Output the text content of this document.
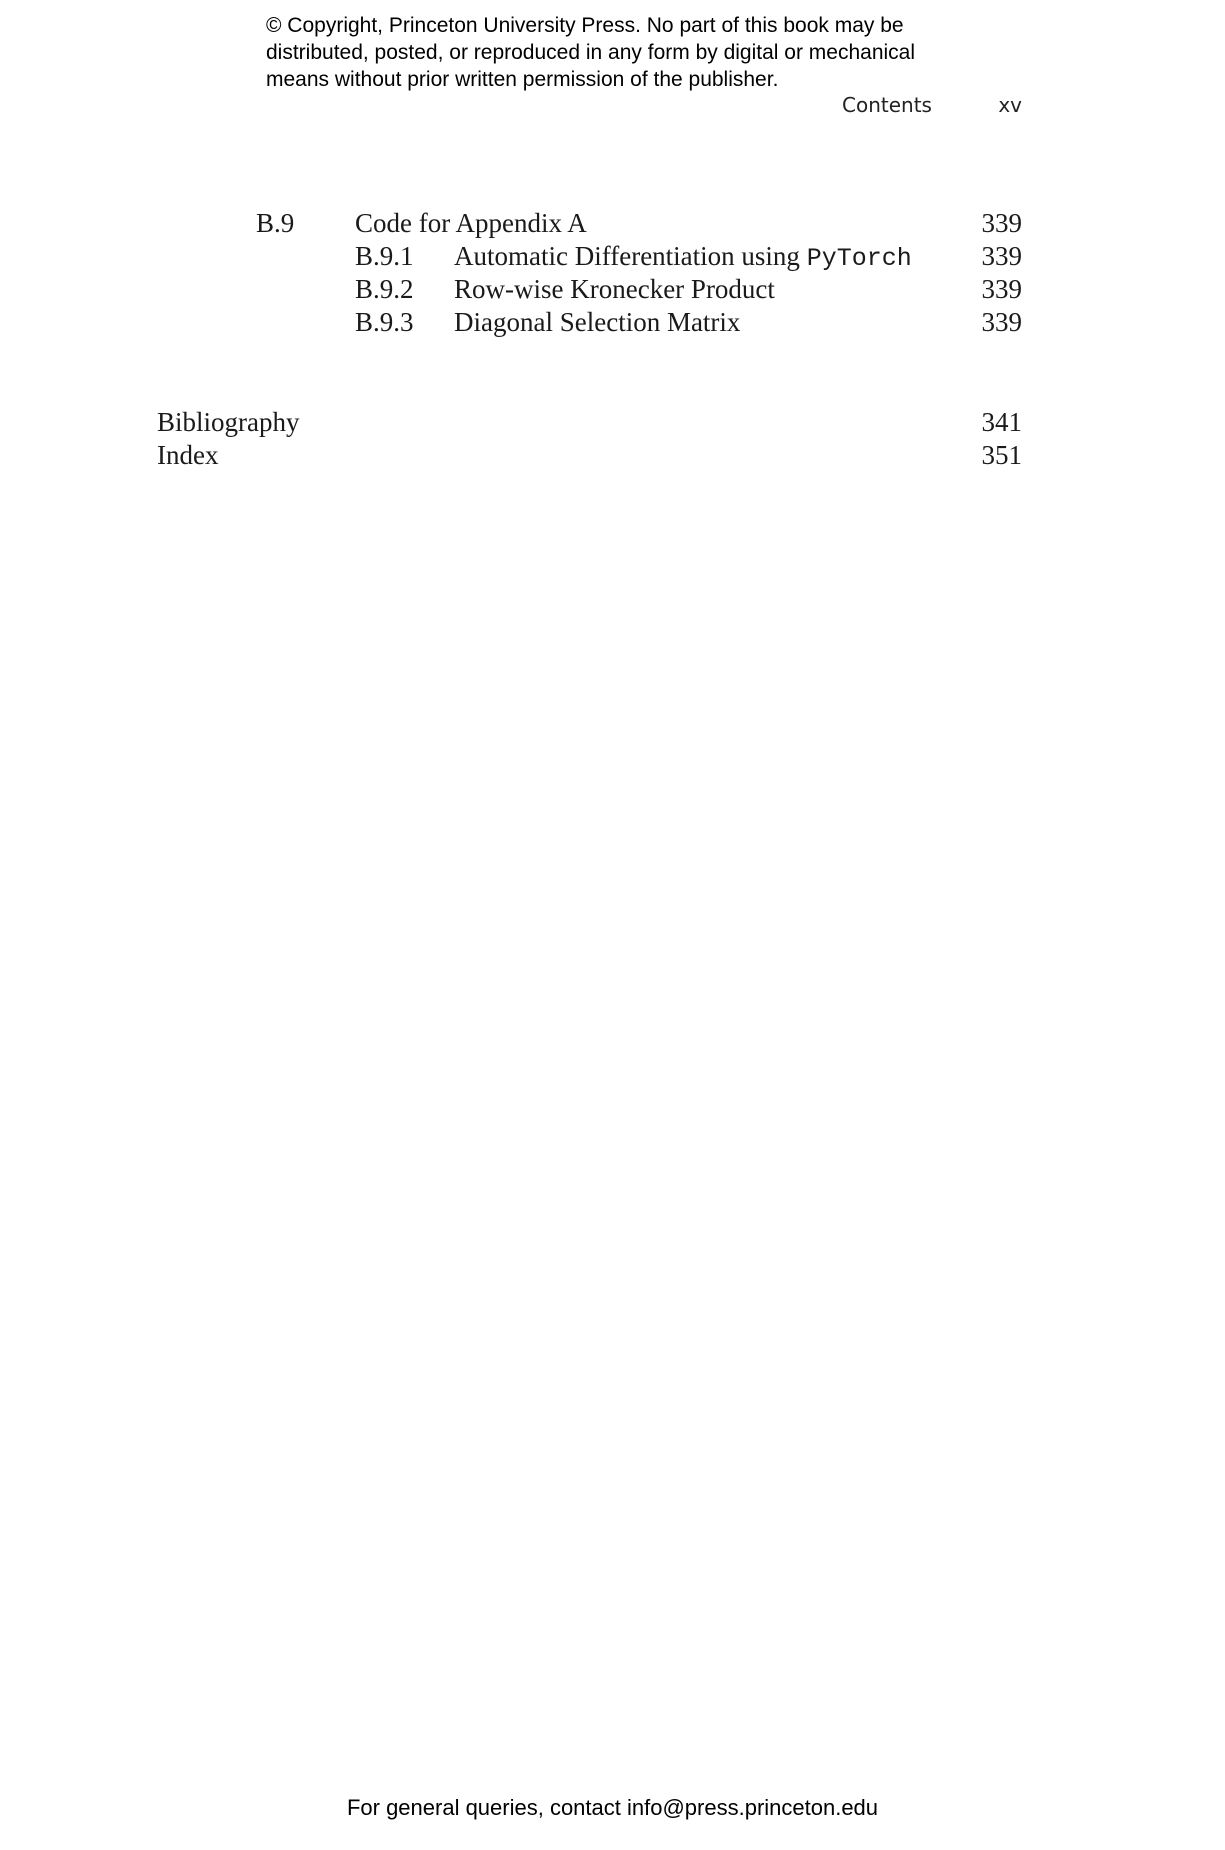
© Copyright, Princeton University Press. No part of this book may be
distributed, posted, or reproduced in any form by digital or mechanical
means without prior written permission of the publisher.
Contents	xv
B.9 Code for Appendix A	339
B.9.1 Automatic Differentiation using PyTorch	339
B.9.2 Row-wise Kronecker Product	339
B.9.3 Diagonal Selection Matrix	339
Bibliography	341
Index	351
For general queries, contact info@press.princeton.edu
